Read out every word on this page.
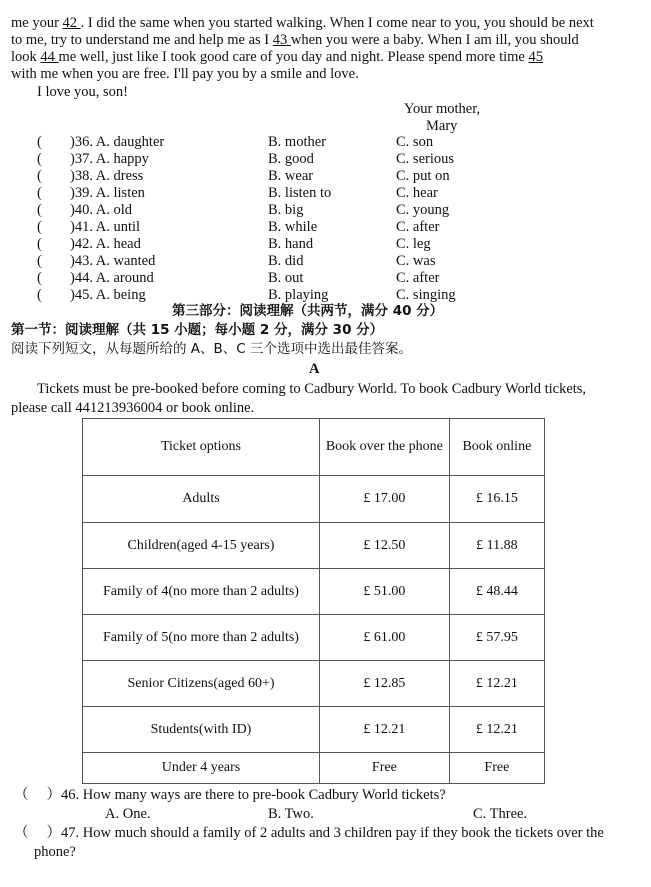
me your 42 . I did the same when you started walking. When I come near to you, you should be next
to me, try to understand me and help me as I 43 when you were a baby. When I am ill, you should
look 44 me well, just like I took good care of you day and night. Please spend more time 45
with me when you are free. I'll pay you by a smile and love.
I love you, son!
Your mother,
Mary
( )36. A. daughter	B. mother	C. son
( )37. A. happy	B. good	C. serious
( )38. A. dress	B. wear	C. put on
( )39. A. listen	B. listen to	C. hear
( )40. A. old	B. big	C. young
( )41. A. until	B. while	C. after
( )42. A. head	B. hand	C. leg
( )43. A. wanted	B. did	C. was
( )44. A. around	B. out	C. after
( )45. A. being	B. playing	C. singing
第三部分：阅读理解（共两节，满分 40 分）
第一节：阅读理解（共 15 小题；每小题 2 分，满分 30 分）
阅读下列短文，从每题所给的 A、B、C 三个选项中选出最佳答案。
A
Tickets must be pre-booked before coming to Cadbury World. To book Cadbury World tickets,
please call 441213936004 or book online.
Ticket options	Book over the phone	Book online
Adults	£ 17.00	£ 16.15
Children(aged 4-15 years)	£ 12.50	£ 11.88
Family of 4(no more than 2 adults)	£ 51.00	£ 48.44
Family of 5(no more than 2 adults)	£ 61.00	£ 57.95
Senior Citizens(aged 60+)	£ 12.85	£ 12.21
Students(with ID)	£ 12.21	£ 12.21
Under 4 years	Free	Free
（ ）46. How many ways are there to pre-book Cadbury World tickets?
A. One.	B. Two.	C. Three.
（ ）47. How much should a family of 2 adults and 3 children pay if they book the tickets over the
phone?
